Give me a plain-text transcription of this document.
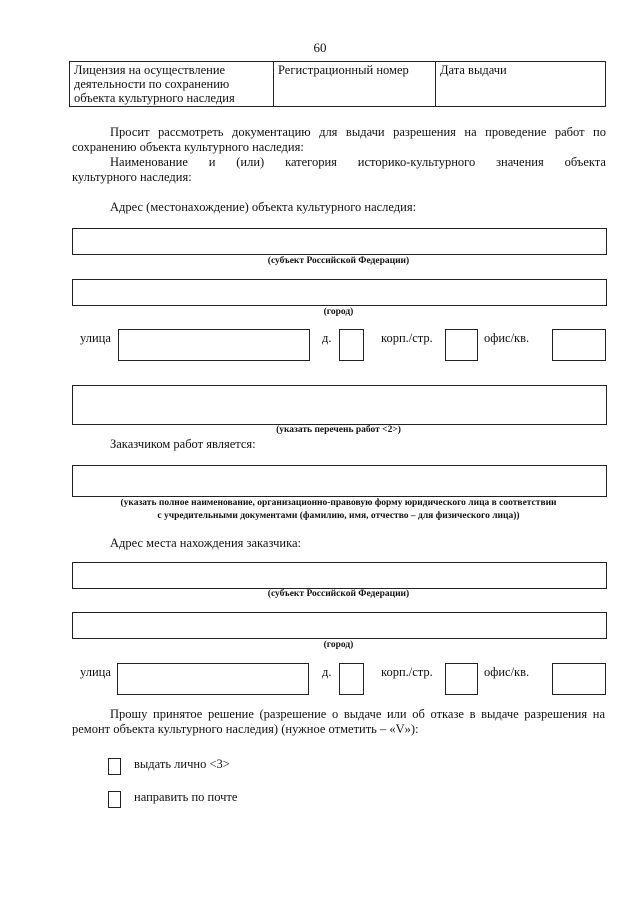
60
Лицензия на осуществление деятельности по сохранению объекта культурного наследия	Регистрационный номер	Дата выдачи
Просит рассмотреть документацию для выдачи разрешения на проведение работ по сохранению объекта культурного наследия:
Наименование и (или) категория историко-культурного значения объекта
культурного наследия:
Адрес (местонахождение) объекта культурного наследия:
(субъект Российской Федерации)
(город)
улица	д.	корп./стр.	офис/кв.
(указать перечень работ <2>)
Заказчиком работ является:
(указать полное наименование, организационно-правовую форму юридического лица в соответствии
с учредительными документами (фамилию, имя, отчество – для физического лица))
Адрес места нахождения заказчика:
(субъект Российской Федерации)
(город)
улица	д.	корп./стр.	офис/кв.
Прошу принятое решение (разрешение о выдаче или об отказе в выдаче разрешения на ремонт объекта культурного наследия) (нужное отметить – «V»):
выдать лично <3>
направить по почте
